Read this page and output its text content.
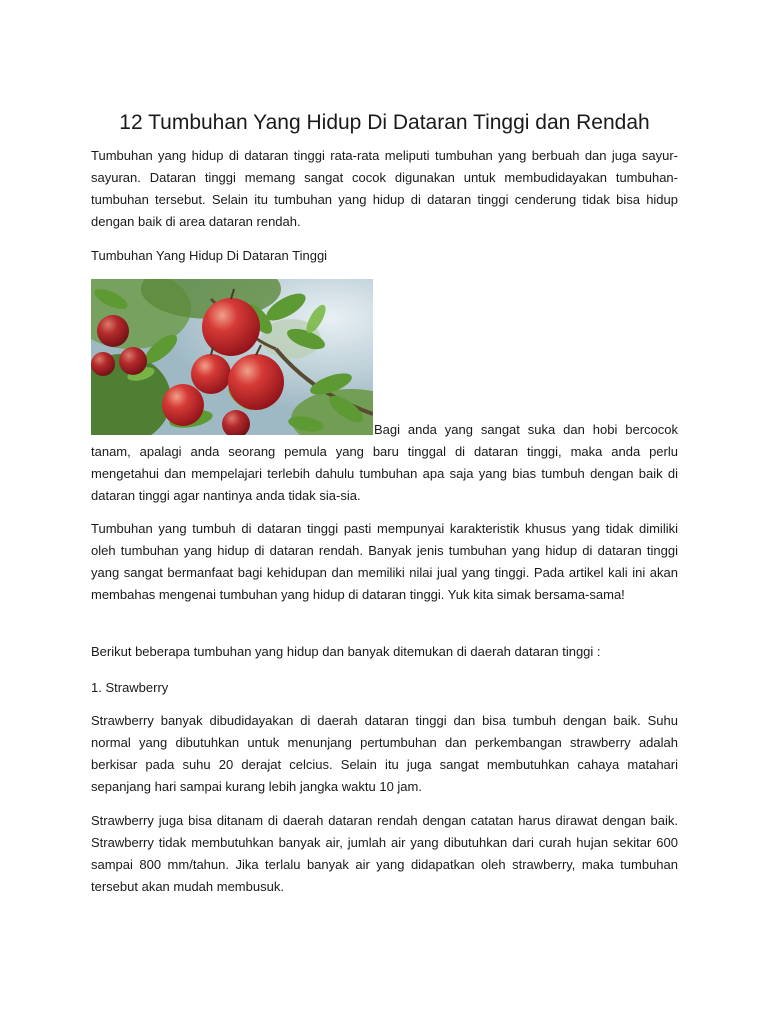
12 Tumbuhan Yang Hidup Di Dataran Tinggi dan Rendah

Tumbuhan yang hidup di dataran tinggi rata-rata meliputi tumbuhan yang berbuah dan juga sayur-sayuran. Dataran tinggi memang sangat cocok digunakan untuk membudidayakan tumbuhan-tumbuhan tersebut. Selain itu tumbuhan yang hidup di dataran tinggi cenderung tidak bisa hidup dengan baik di area dataran rendah.

Tumbuhan Yang Hidup Di Dataran Tinggi

Bagi anda yang sangat suka dan hobi bercocok tanam, apalagi anda seorang pemula yang baru tinggal di dataran tinggi, maka anda perlu mengetahui dan mempelajari terlebih dahulu tumbuhan apa saja yang bias tumbuh dengan baik di dataran tinggi agar nantinya anda tidak sia-sia.

Tumbuhan yang tumbuh di dataran tinggi pasti mempunyai karakteristik khusus yang tidak dimiliki oleh tumbuhan yang hidup di dataran rendah. Banyak jenis tumbuhan yang hidup di dataran tinggi yang sangat bermanfaat bagi kehidupan dan memiliki nilai jual yang tinggi. Pada artikel kali ini akan membahas mengenai tumbuhan yang hidup di dataran tinggi. Yuk kita simak bersama-sama!

Berikut beberapa tumbuhan yang hidup dan banyak ditemukan di daerah dataran tinggi :

1. Strawberry

Strawberry banyak dibudidayakan di daerah dataran tinggi dan bisa tumbuh dengan baik. Suhu normal yang dibutuhkan untuk menunjang pertumbuhan dan perkembangan strawberry adalah berkisar pada suhu 20 derajat celcius. Selain itu juga sangat membutuhkan cahaya matahari sepanjang hari sampai kurang lebih jangka waktu 10 jam.

Strawberry juga bisa ditanam di daerah dataran rendah dengan catatan harus dirawat dengan baik. Strawberry tidak membutuhkan banyak air, jumlah air yang dibutuhkan dari curah hujan sekitar 600 sampai 800 mm/tahun. Jika terlalu banyak air yang didapatkan oleh strawberry, maka tumbuhan tersebut akan mudah membusuk.
